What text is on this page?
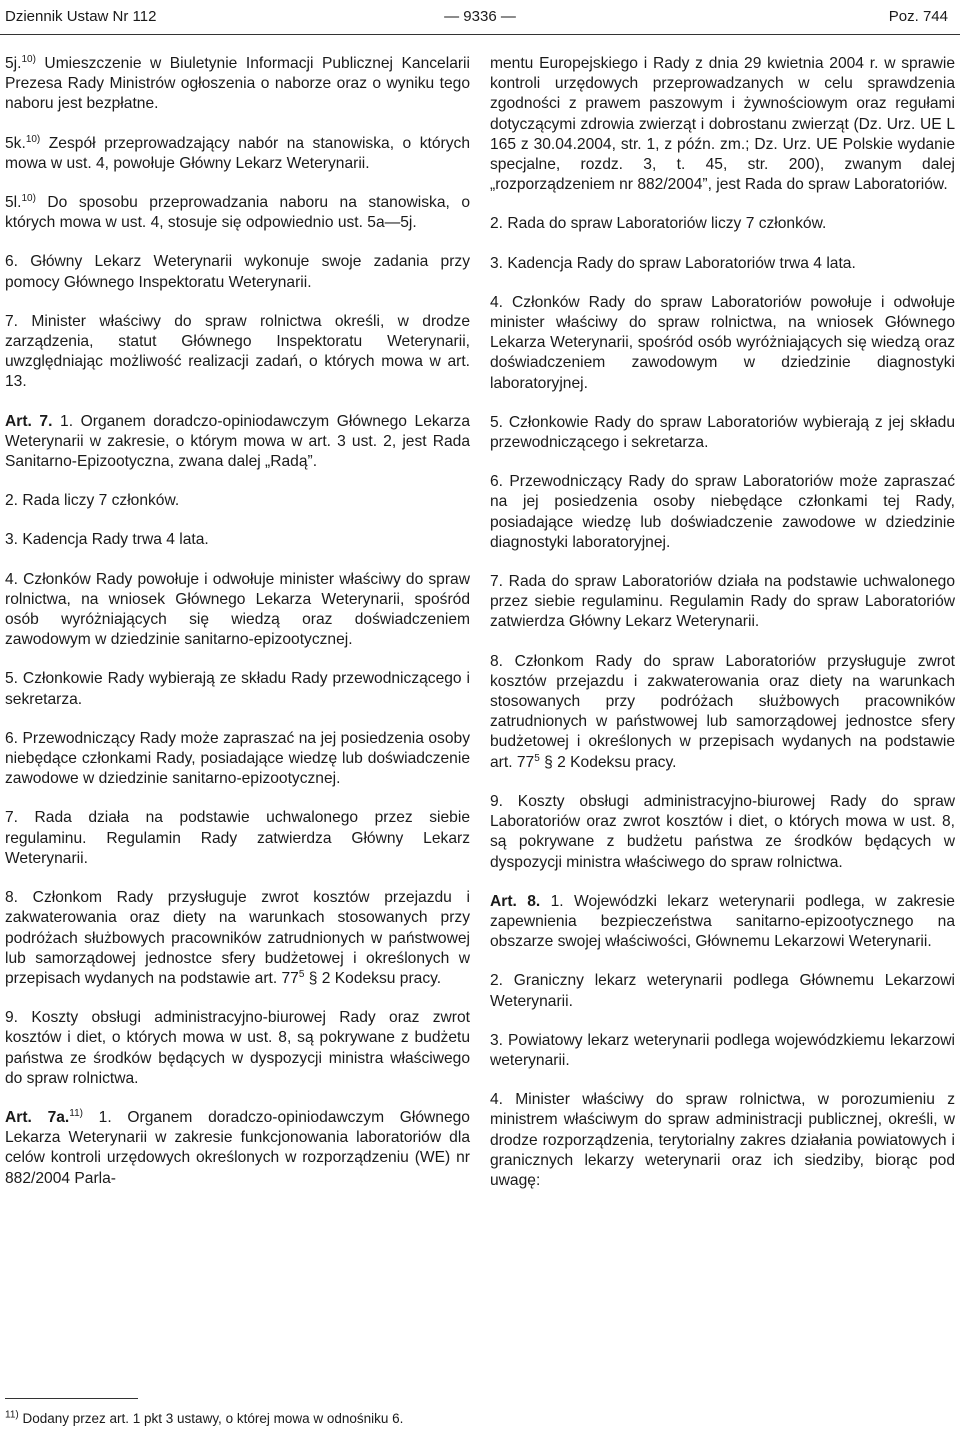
Dziennik Ustaw Nr 112	— 9336 —	Poz. 744

5j.$^{10)}$ Umieszczenie w Biuletynie Informacji Publicznej Kancelarii Prezesa Rady Ministrów ogłoszenia o naborze oraz o wyniku tego naboru jest bezpłatne.

5k.$^{10)}$ Zespół przeprowadzający nabór na stanowiska, o których mowa w ust. 4, powołuje Główny Lekarz Weterynarii.

5l.$^{10)}$ Do sposobu przeprowadzania naboru na stanowiska, o których mowa w ust. 4, stosuje się odpowiednio ust. 5a—5j.

6. Główny Lekarz Weterynarii wykonuje swoje zadania przy pomocy Głównego Inspektoratu Weterynarii.

7. Minister właściwy do spraw rolnictwa określi, w drodze zarządzenia, statut Głównego Inspektoratu Weterynarii, uwzględniając możliwość realizacji zadań, o których mowa w art. 13.

Art. 7. 1. Organem doradczo-opiniodawczym Głównego Lekarza Weterynarii w zakresie, o którym mowa w art. 3 ust. 2, jest Rada Sanitarno-Epizootyczna, zwana dalej „Radą”.

2. Rada liczy 7 członków.

3. Kadencja Rady trwa 4 lata.

4. Członków Rady powołuje i odwołuje minister właściwy do spraw rolnictwa, na wniosek Głównego Lekarza Weterynarii, spośród osób wyróżniających się wiedzą oraz doświadczeniem zawodowym w dziedzinie sanitarno-epizootycznej.

5. Członkowie Rady wybierają ze składu Rady przewodniczącego i sekretarza.

6. Przewodniczący Rady może zapraszać na jej posiedzenia osoby niebędące członkami Rady, posiadające wiedzę lub doświadczenie zawodowe w dziedzinie sanitarno-epizootycznej.

7. Rada działa na podstawie uchwalonego przez siebie regulaminu. Regulamin Rady zatwierdza Główny Lekarz Weterynarii.

8. Członkom Rady przysługuje zwrot kosztów przejazdu i zakwaterowania oraz diety na warunkach stosowanych przy podróżach służbowych pracowników zatrudnionych w państwowej lub samorządowej jednostce sfery budżetowej i określonych w przepisach wydanych na podstawie art. $77^5$ § 2 Kodeksu pracy.

9. Koszty obsługi administracyjno-biurowej Rady oraz zwrot kosztów i diet, o których mowa w ust. 8, są pokrywane z budżetu państwa ze środków będących w dyspozycji ministra właściwego do spraw rolnictwa.

Art. 7a.$^{11)}$ 1. Organem doradczo-opiniodawczym Głównego Lekarza Weterynarii w zakresie funkcjonowania laboratoriów dla celów kontroli urzędowych określonych w rozporządzeniu (WE) nr 882/2004 Parla-

mentu Europejskiego i Rady z dnia 29 kwietnia 2004 r. w sprawie kontroli urzędowych przeprowadzanych w celu sprawdzenia zgodności z prawem paszowym i żywnościowym oraz regułami dotyczącymi zdrowia zwierząt i dobrostanu zwierząt (Dz. Urz. UE L 165 z 30.04.2004, str. 1, z późn. zm.; Dz. Urz. UE Polskie wydanie specjalne, rozdz. 3, t. 45, str. 200), zwanym dalej „rozporządzeniem nr 882/2004”, jest Rada do spraw Laboratoriów.

2. Rada do spraw Laboratoriów liczy 7 członków.

3. Kadencja Rady do spraw Laboratoriów trwa 4 lata.

4. Członków Rady do spraw Laboratoriów powołuje i odwołuje minister właściwy do spraw rolnictwa, na wniosek Głównego Lekarza Weterynarii, spośród osób wyróżniających się wiedzą oraz doświadczeniem zawodowym w dziedzinie diagnostyki laboratoryjnej.

5. Członkowie Rady do spraw Laboratoriów wybierają z jej składu przewodniczącego i sekretarza.

6. Przewodniczący Rady do spraw Laboratoriów może zapraszać na jej posiedzenia osoby niebędące członkami tej Rady, posiadające wiedzę lub doświadczenie zawodowe w dziedzinie diagnostyki laboratoryjnej.

7. Rada do spraw Laboratoriów działa na podstawie uchwalonego przez siebie regulaminu. Regulamin Rady do spraw Laboratoriów zatwierdza Główny Lekarz Weterynarii.

8. Członkom Rady do spraw Laboratoriów przysługuje zwrot kosztów przejazdu i zakwaterowania oraz diety na warunkach stosowanych przy podróżach służbowych pracowników zatrudnionych w państwowej lub samorządowej jednostce sfery budżetowej i określonych w przepisach wydanych na podstawie art. $77^5$ § 2 Kodeksu pracy.

9. Koszty obsługi administracyjno-biurowej Rady do spraw Laboratoriów oraz zwrot kosztów i diet, o których mowa w ust. 8, są pokrywane z budżetu państwa ze środków będących w dyspozycji ministra właściwego do spraw rolnictwa.

Art. 8. 1. Wojewódzki lekarz weterynarii podlega, w zakresie zapewnienia bezpieczeństwa sanitarno-epizootycznego na obszarze swojej właściwości, Głównemu Lekarzowi Weterynarii.

2. Graniczny lekarz weterynarii podlega Głównemu Lekarzowi Weterynarii.

3. Powiatowy lekarz weterynarii podlega wojewódzkiemu lekarzowi weterynarii.

4. Minister właściwy do spraw rolnictwa, w porozumieniu z ministrem właściwym do spraw administracji publicznej, określi, w drodze rozporządzenia, terytorialny zakres działania powiatowych i granicznych lekarzy weterynarii oraz ich siedziby, biorąc pod uwagę:

$^{11)}$ Dodany przez art. 1 pkt 3 ustawy, o której mowa w odnośniku 6.
